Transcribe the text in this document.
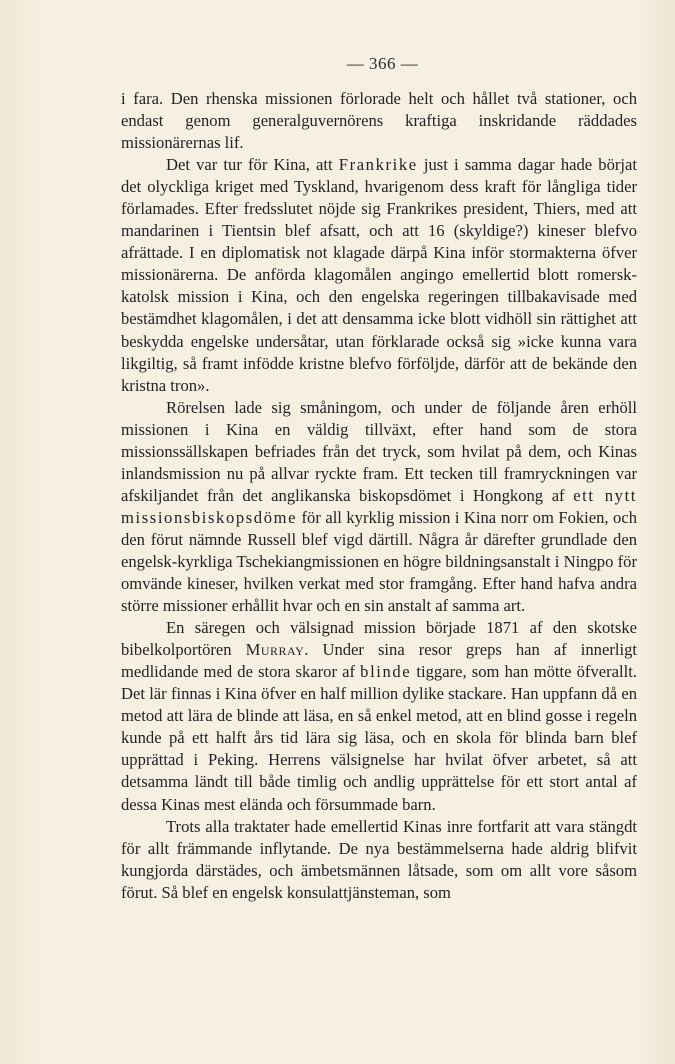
— 366 —

i fara. Den rhenska missionen förlorade helt och hållet två stationer, och endast genom generalguvernörens kraftiga inskridande räddades missionärernas lif.

Det var tur för Kina, att Frankrike just i samma dagar hade börjat det olyckliga kriget med Tyskland, hvarigenom dess kraft för långliga tider förlamades. Efter fredsslutet nöjde sig Frankrikes president, Thiers, med att mandarinen i Tientsin blef afsatt, och att 16 (skyldige?) kineser blefvo afrättade. I en diplomatisk not klagade därpå Kina inför stormakterna öfver missionärerna. De anförda klagomålen angingo emellertid blott romersk-katolsk mission i Kina, och den engelska regeringen tillbakavisade med bestämdhet klagomålen, i det att densamma icke blott vidhöll sin rättighet att beskydda engelske undersåtar, utan förklarade också sig »icke kunna vara likgiltig, så framt infödde kristne blefvo förföljde, därför att de bekände den kristna tron».

Rörelsen lade sig småningom, och under de följande åren erhöll missionen i Kina en väldig tillväxt, efter hand som de stora missionssällskapen befriades från det tryck, som hvilat på dem, och Kinas inlandsmission nu på allvar ryckte fram. Ett tecken till framryckningen var afskiljandet från det anglikanska biskopsdömet i Hongkong af ett nytt missionsbiskopsdöme för all kyrklig mission i Kina norr om Fokien, och den förut nämnde Russell blef vigd därtill. Några år därefter grundlade den engelsk-kyrkliga Tschekiangmissionen en högre bildningsanstalt i Ningpo för omvände kineser, hvilken verkat med stor framgång. Efter hand hafva andra större missioner erhållit hvar och en sin anstalt af samma art.

En säregen och välsignad mission började 1871 af den skotske bibelkolportören Murray. Under sina resor greps han af innerligt medlidande med de stora skaror af blinde tiggare, som han mötte öfverallt. Det lär finnas i Kina öfver en half million dylike stackare. Han uppfann då en metod att lära de blinde att läsa, en så enkel metod, att en blind gosse i regeln kunde på ett halft års tid lära sig läsa, och en skola för blinda barn blef upprättad i Peking. Herrens välsignelse har hvilat öfver arbetet, så att detsamma ländt till både timlig och andlig upprättelse för ett stort antal af dessa Kinas mest elända och försummade barn.

Trots alla traktater hade emellertid Kinas inre fortfarit att vara stängdt för allt främmande inflytande. De nya bestämmelserna hade aldrig blifvit kungjorda därstädes, och ämbetsmännen låtsade, som om allt vore såsom förut. Så blef en engelsk konsulattjänsteman, som
